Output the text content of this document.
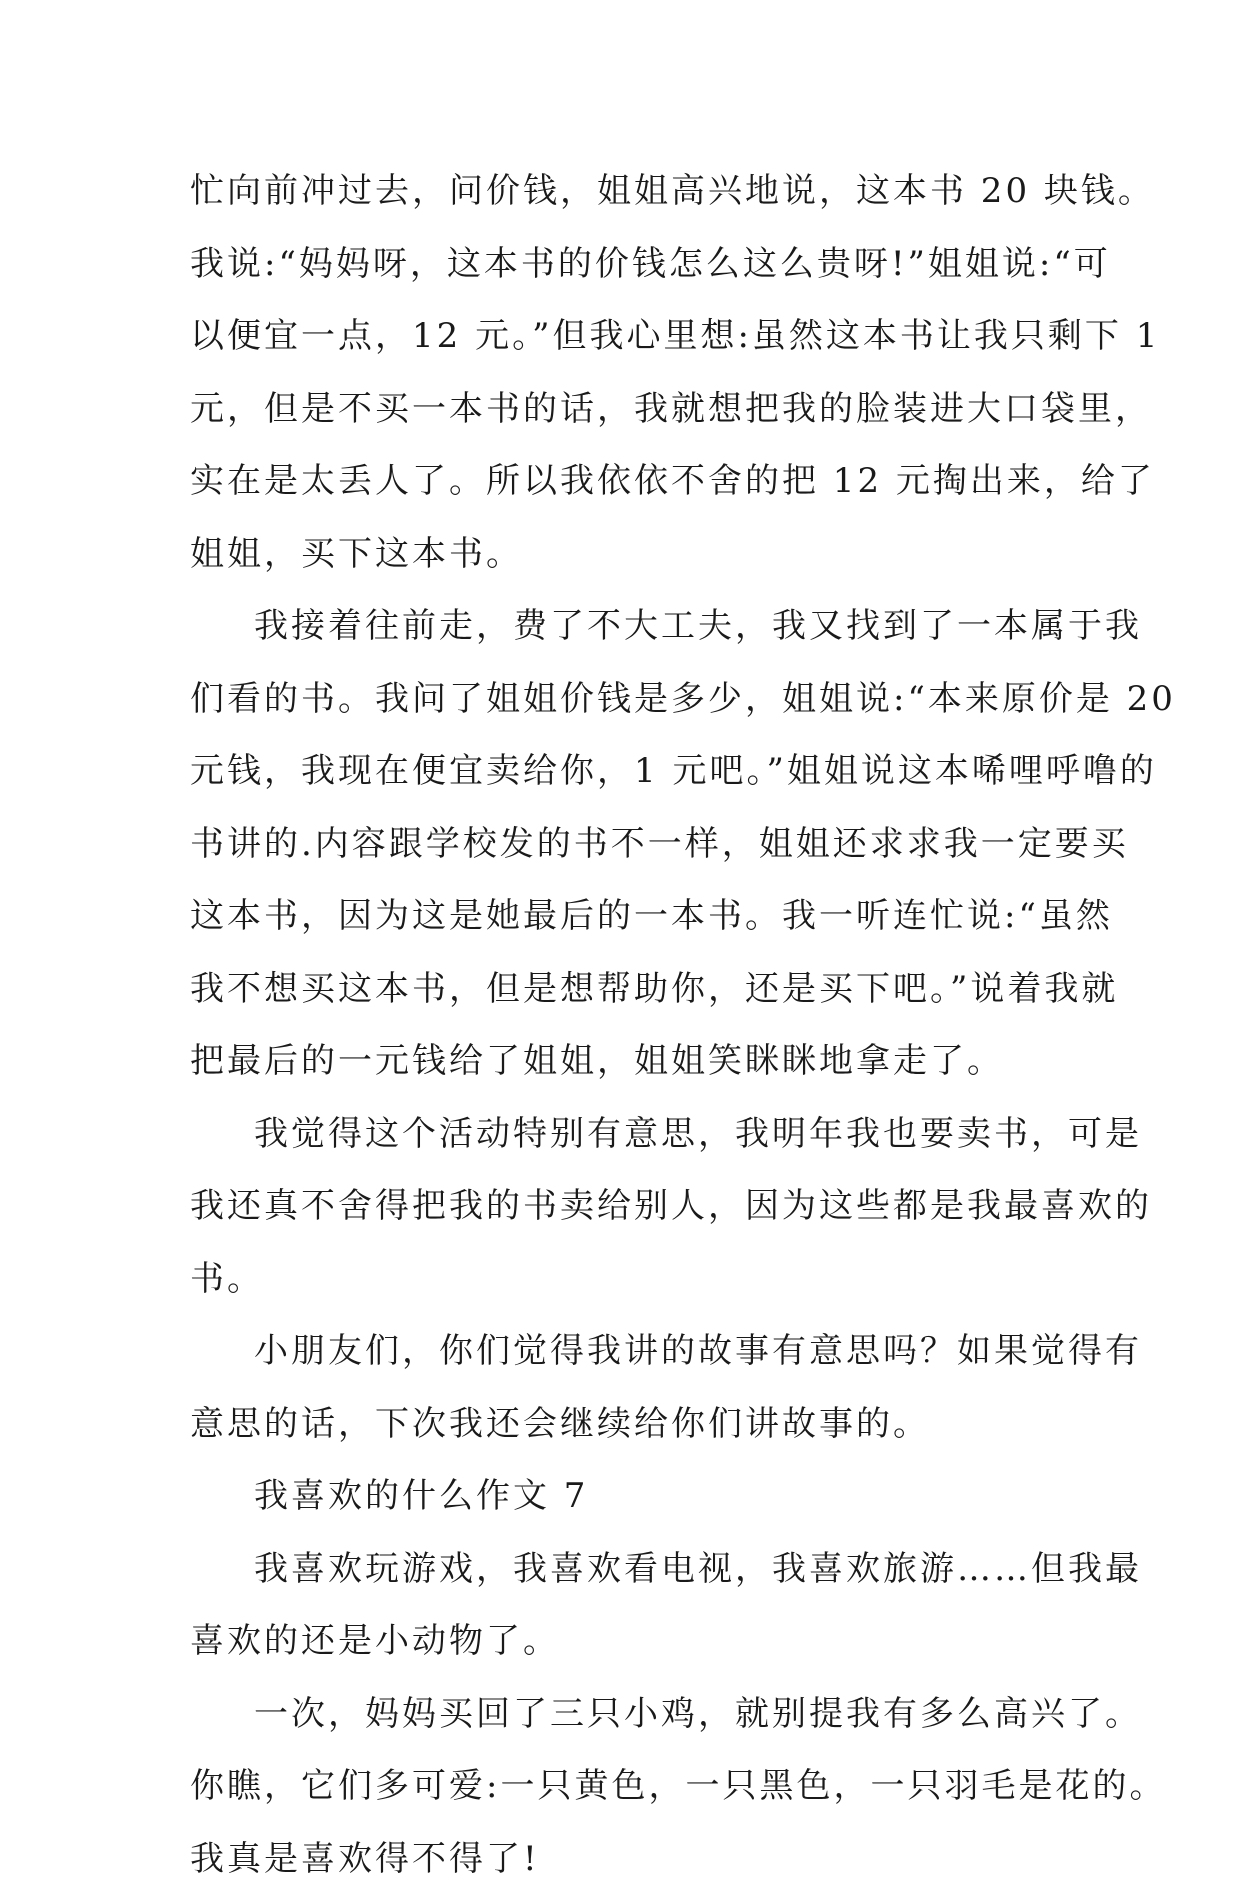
忙向前冲过去，问价钱，姐姐高兴地说，这本书 20 块钱。
我说:“妈妈呀，这本书的价钱怎么这么贵呀!”姐姐说:“可
以便宜一点，12 元。”但我心里想:虽然这本书让我只剩下 1
元，但是不买一本书的话，我就想把我的脸装进大口袋里，
实在是太丢人了。所以我依依不舍的把 12 元掏出来，给了
姐姐，买下这本书。

我接着往前走，费了不大工夫，我又找到了一本属于我
们看的书。我问了姐姐价钱是多少，姐姐说:“本来原价是 20
元钱，我现在便宜卖给你，1 元吧。”姐姐说这本唏哩呼噜的
书讲的.内容跟学校发的书不一样，姐姐还求求我一定要买
这本书，因为这是她最后的一本书。我一听连忙说:“虽然
我不想买这本书，但是想帮助你，还是买下吧。”说着我就
把最后的一元钱给了姐姐，姐姐笑眯眯地拿走了。

我觉得这个活动特别有意思，我明年我也要卖书，可是
我还真不舍得把我的书卖给别人，因为这些都是我最喜欢的
书。

小朋友们，你们觉得我讲的故事有意思吗？如果觉得有
意思的话，下次我还会继续给你们讲故事的。

我喜欢的什么作文 7

我喜欢玩游戏，我喜欢看电视，我喜欢旅游……但我最
喜欢的还是小动物了。

一次，妈妈买回了三只小鸡，就别提我有多么高兴了。
你瞧，它们多可爱:一只黄色，一只黑色，一只羽毛是花的。
我真是喜欢得不得了!
